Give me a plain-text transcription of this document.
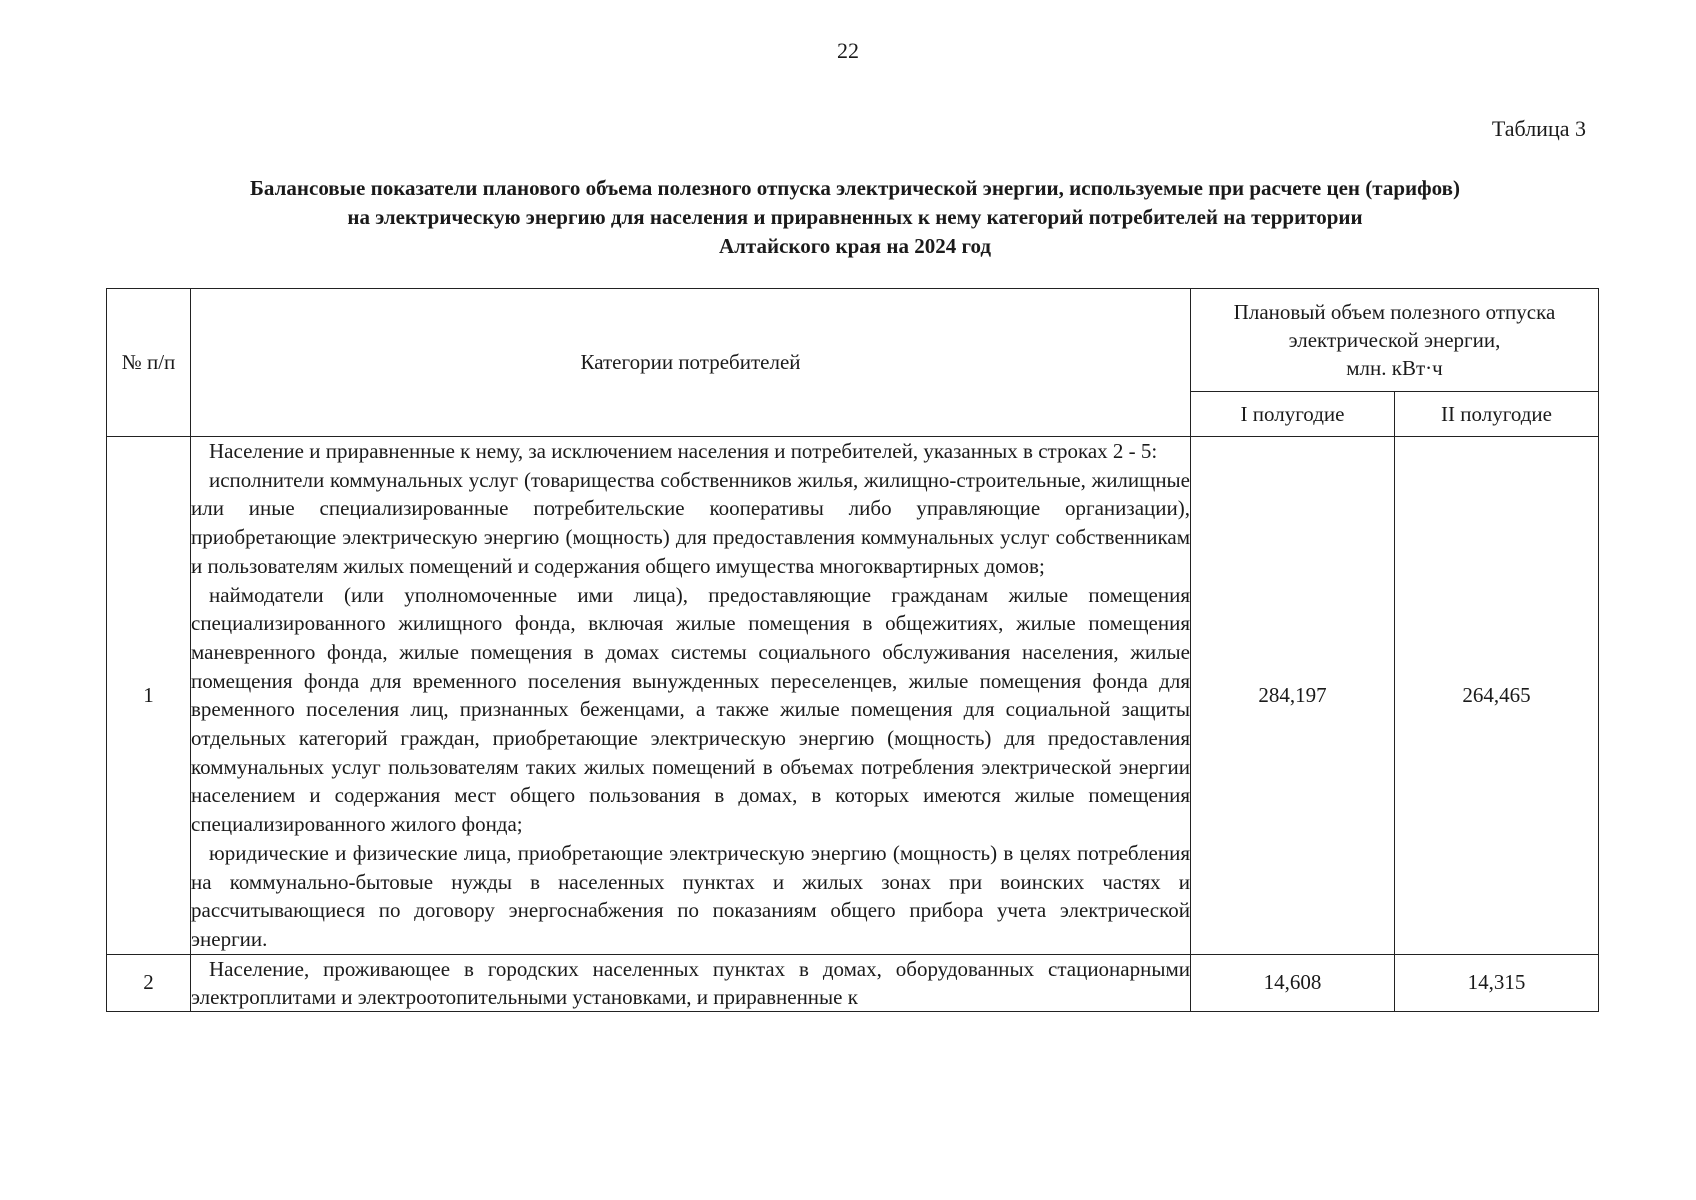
22
Таблица 3
Балансовые показатели планового объема полезного отпуска электрической энергии, используемые при расчете цен (тарифов)
на электрическую энергию для населения и приравненных к нему категорий потребителей на территории
Алтайского края на 2024 год
№ п/п	Категории потребителей	Плановый объем полезного отпуска
электрической энергии,
млн. кВт·ч	

		I полугодие	II полугодие
1	Население и приравненные к нему, за исключением населения и потребителей, указанных в строках 2 - 5:

исполнители коммунальных услуг (товарищества собственников жилья, жилищно-строительные, жилищные или иные специализированные потребительские кооперативы либо управляющие организации), приобретающие электрическую энергию (мощность) для предоставления коммунальных услуг собственникам и пользователям жилых помещений и содержания общего имущества многоквартирных домов;

наймодатели (или уполномоченные ими лица), предоставляющие гражданам жилые помещения специализированного жилищного фонда, включая жилые помещения в общежитиях, жилые помещения маневренного фонда, жилые помещения в домах системы социального обслуживания населения, жилые помещения фонда для временного поселения вынужденных переселенцев, жилые помещения фонда для временного поселения лиц, признанных беженцами, а также жилые помещения для социальной защиты отдельных категорий граждан, приобретающие электрическую энергию (мощность) для предоставления коммунальных услуг пользователям таких жилых помещений в объемах потребления электрической энергии населением и содержания мест общего пользования в домах, в которых имеются жилые помещения специализированного жилого фонда;

юридические и физические лица, приобретающие электрическую энергию (мощность) в целях потребления на коммунально-бытовые нужды в населенных пунктах и жилых зонах при воинских частях и рассчитывающиеся по договору энергоснабжения по показаниям общего прибора учета электрической энергии.	284,197	264,465
2	Население, проживающее в городских населенных пунктах в домах, оборудованных стационарными электроплитами и электроотопительными установками, и приравненные к	14,608	14,315
